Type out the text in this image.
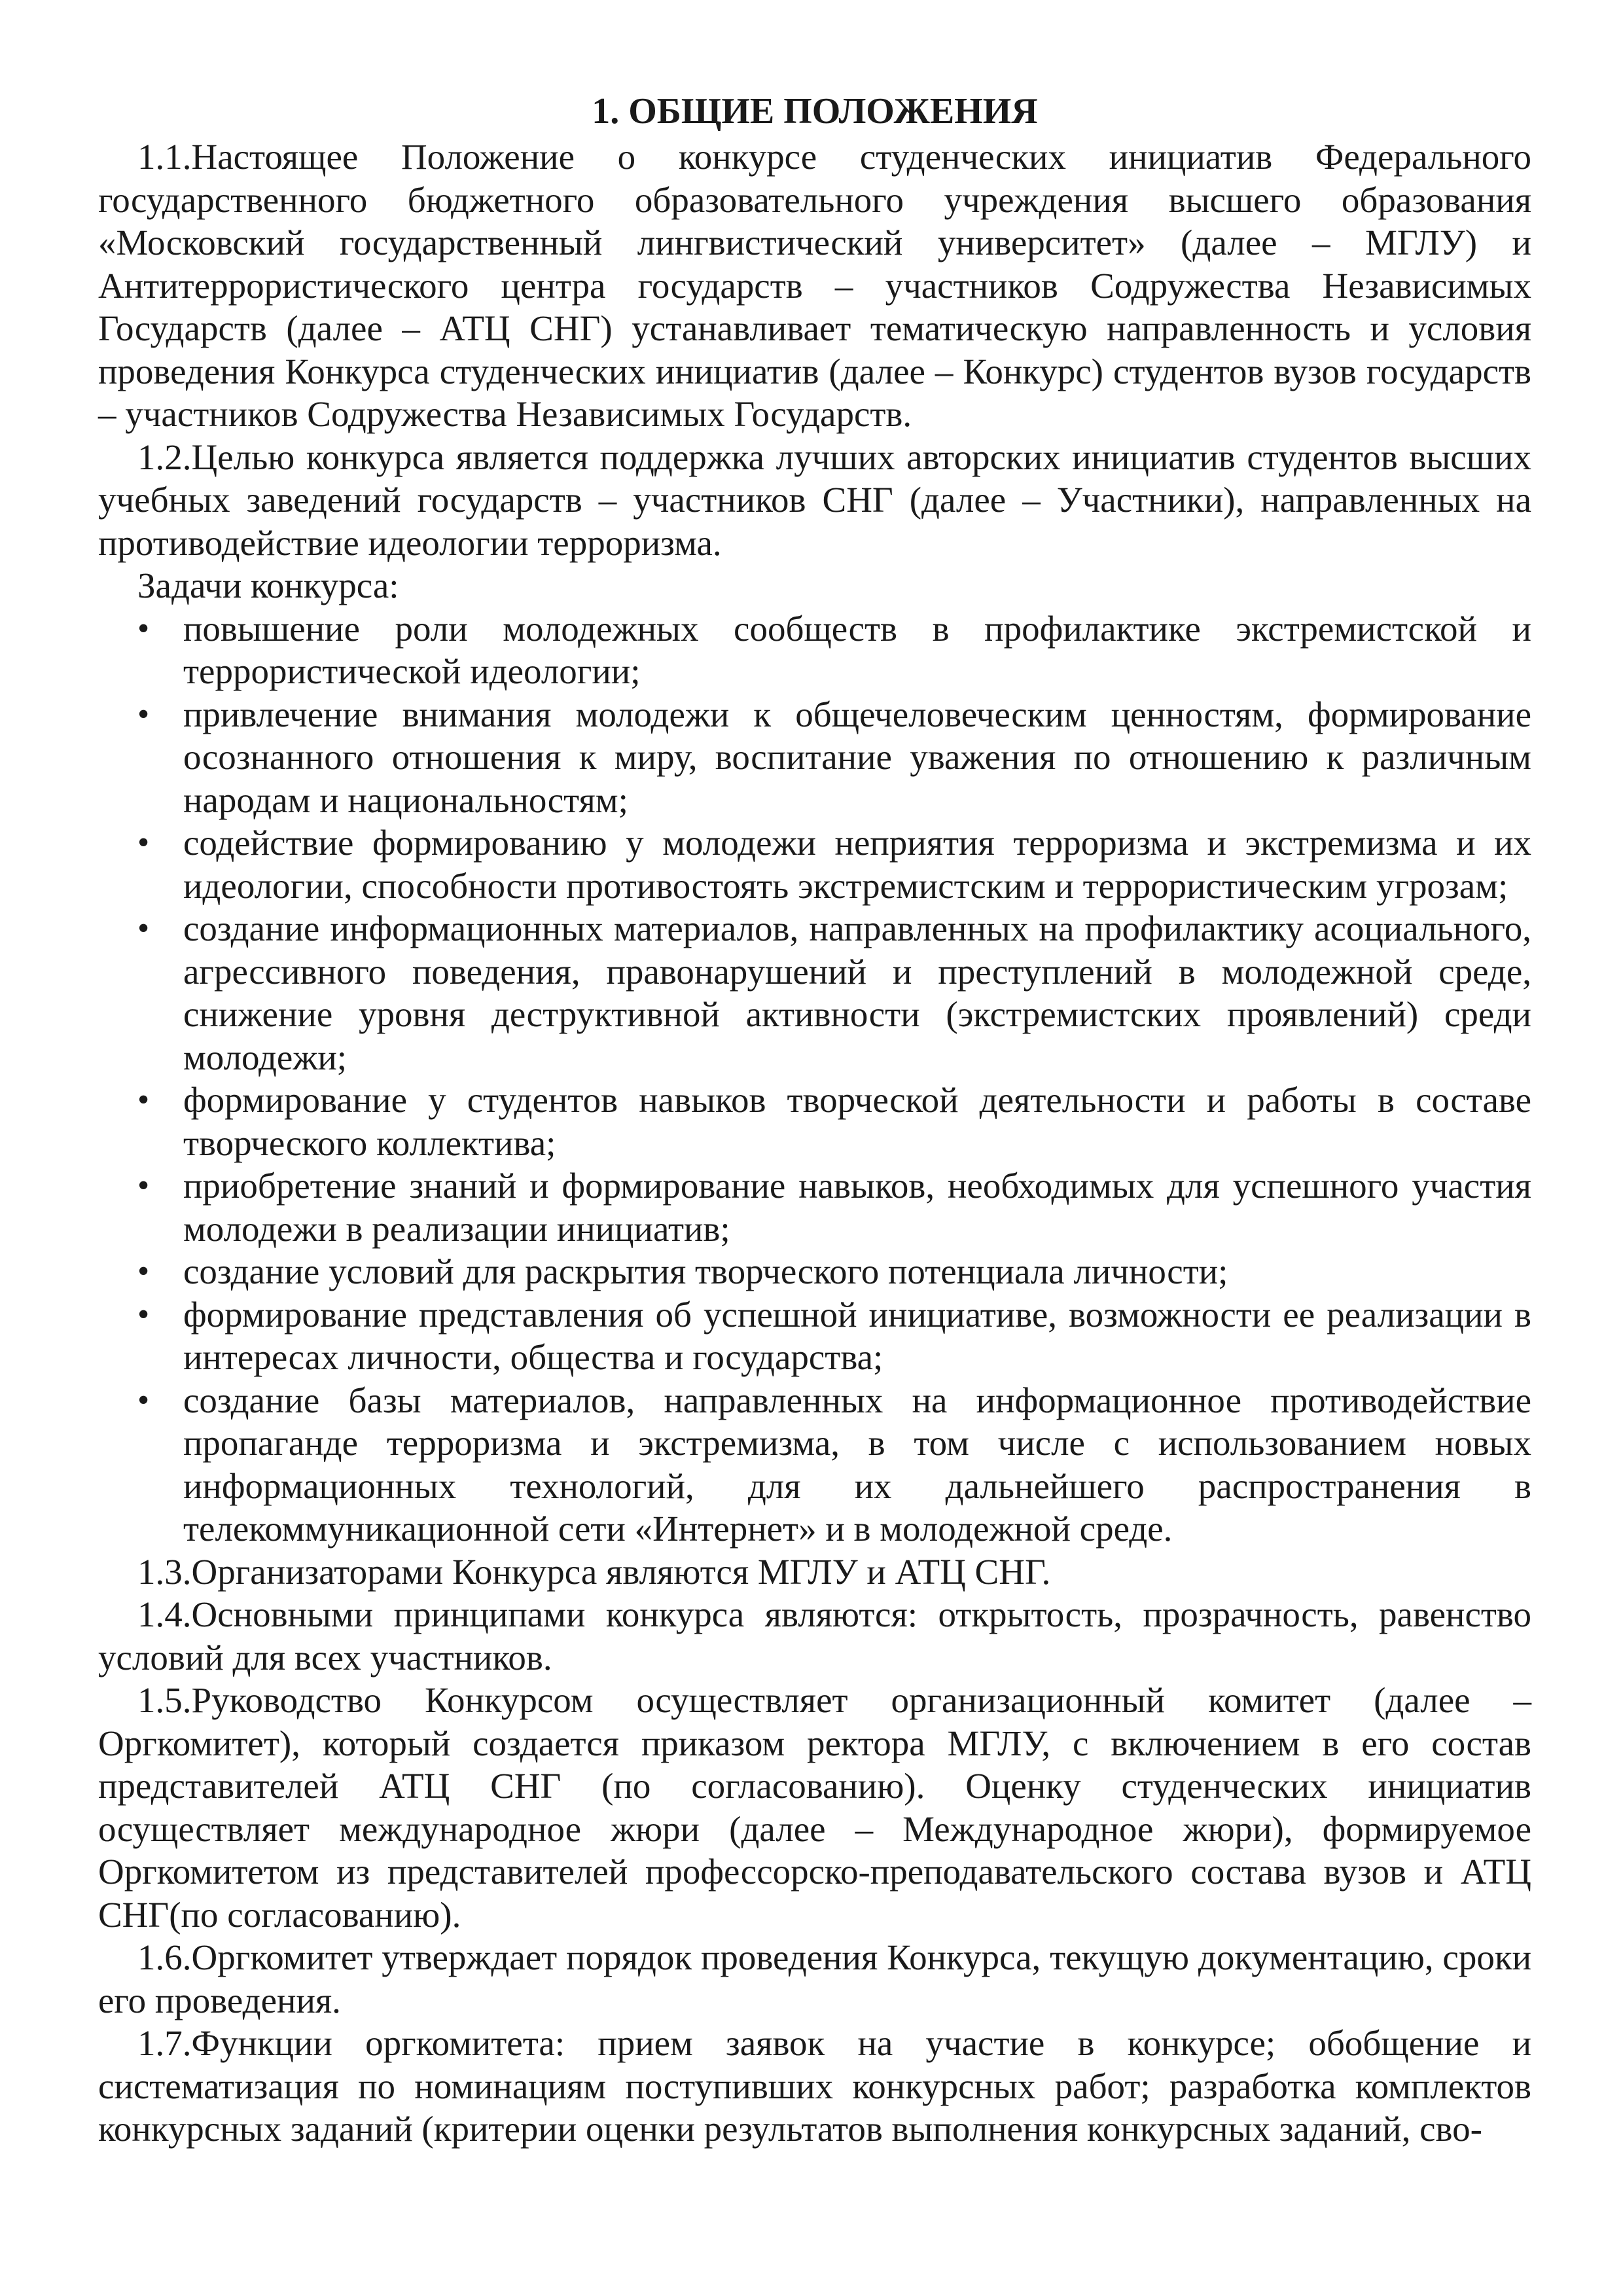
1. ОБЩИЕ ПОЛОЖЕНИЯ

1.1.Настоящее Положение о конкурсе студенческих инициатив Федерального государственного бюджетного образовательного учреждения высшего образования «Московский государственный лингвистический университет» (далее – МГЛУ) и Антитеррористического центра государств – участников Содружества Независимых Государств (далее – АТЦ СНГ) устанавливает тематическую направленность и условия проведения Конкурса студенческих инициатив (далее – Конкурс) студентов вузов государств – участников Содружества Независимых Государств.

1.2.Целью конкурса является поддержка лучших авторских инициатив студентов высших учебных заведений государств – участников СНГ (далее – Участники), направленных на противодействие идеологии терроризма.

Задачи конкурса:

• повышение роли молодежных сообществ в профилактике экстремистской и террористической идеологии;
• привлечение внимания молодежи к общечеловеческим ценностям, формирование осознанного отношения к миру, воспитание уважения по отношению к различным народам и национальностям;
• содействие формированию у молодежи неприятия терроризма и экстремизма и их идеологии, способности противостоять экстремистским и террористическим угрозам;
• создание информационных материалов, направленных на профилактику асоциального, агрессивного поведения, правонарушений и преступлений в молодежной среде, снижение уровня деструктивной активности (экстремистских проявлений) среди молодежи;
• формирование у студентов навыков творческой деятельности и работы в составе творческого коллектива;
• приобретение знаний и формирование навыков, необходимых для успешного участия молодежи в реализации инициатив;
• создание условий для раскрытия творческого потенциала личности;
• формирование представления об успешной инициативе, возможности ее реализации в интересах личности, общества и государства;
• создание базы материалов, направленных на информационное противодействие пропаганде терроризма и экстремизма, в том числе с использованием новых информационных технологий, для их дальнейшего распространения в телекоммуникационной сети «Интернет» и в молодежной среде.

1.3.Организаторами Конкурса являются МГЛУ и АТЦ СНГ.

1.4.Основными принципами конкурса являются: открытость, прозрачность, равенство условий для всех участников.

1.5.Руководство Конкурсом осуществляет организационный комитет (далее – Оргкомитет), который создается приказом ректора МГЛУ, с включением в его состав представителей АТЦ СНГ (по согласованию). Оценку студенческих инициатив осуществляет международное жюри (далее – Международное жюри), формируемое Оргкомитетом из представителей профессорско-преподавательского состава вузов и АТЦ СНГ(по согласованию).

1.6.Оргкомитет утверждает порядок проведения Конкурса, текущую документацию, сроки его проведения.

1.7.Функции оргкомитета: прием заявок на участие в конкурсе; обобщение и систематизация по номинациям поступивших конкурсных работ; разработка комплектов конкурсных заданий (критерии оценки результатов выполнения конкурсных заданий, сво-
